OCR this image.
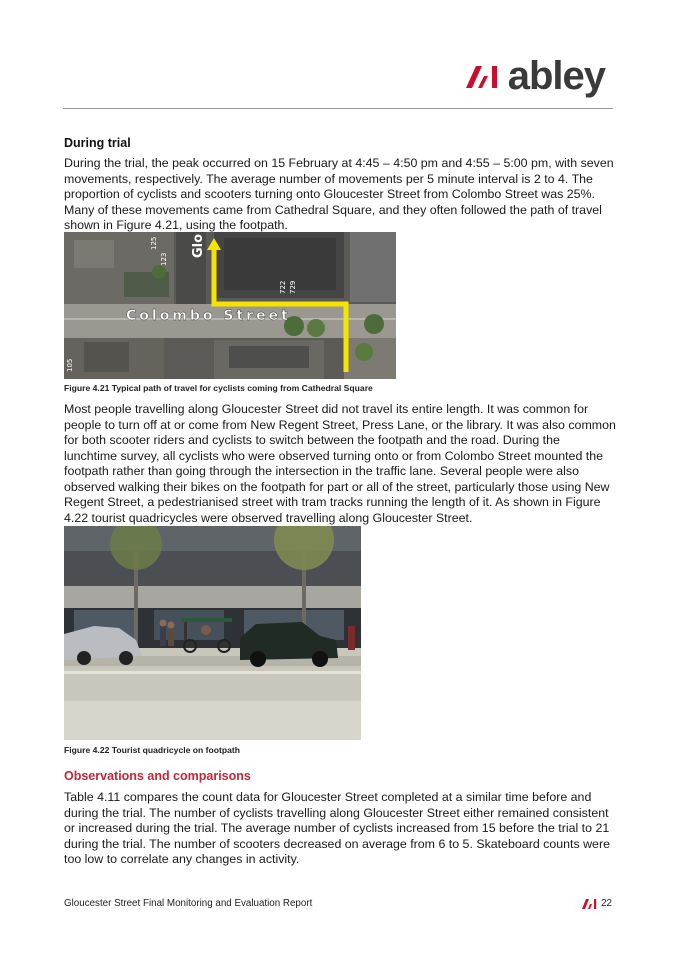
abley
During trial

During the trial, the peak occurred on 15 February at 4:45 – 4:50 pm and 4:55 – 5:00 pm, with seven movements, respectively. The average number of movements per 5 minute interval is 2 to 4. The proportion of cyclists and scooters turning onto Gloucester Street from Colombo Street was 25%. Many of these movements came from Cathedral Square, and they often followed the path of travel shown in Figure 4.21, using the footpath.

Colombo Street
Glo
123
125
722 729
105
Figure 4.21 Typical path of travel for cyclists coming from Cathedral Square

Most people travelling along Gloucester Street did not travel its entire length. It was common for people to turn off at or come from New Regent Street, Press Lane, or the library. It was also common for both scooter riders and cyclists to switch between the footpath and the road. During the lunchtime survey, all cyclists who were observed turning onto or from Colombo Street mounted the footpath rather than going through the intersection in the traffic lane. Several people were also observed walking their bikes on the footpath for part or all of the street, particularly those using New Regent Street, a pedestrianised street with tram tracks running the length of it. As shown in Figure 4.22 tourist quadricycles were observed travelling along Gloucester Street.

Figure 4.22 Tourist quadricycle on footpath
Observations and comparisons

Table 4.11 compares the count data for Gloucester Street completed at a similar time before and during the trial. The number of cyclists travelling along Gloucester Street either remained consistent or increased during the trial. The average number of cyclists increased from 15 before the trial to 21 during the trial. The number of scooters decreased on average from 6 to 5. Skateboard counts were too low to correlate any changes in activity.

Gloucester Street Final Monitoring and Evaluation Report	22
